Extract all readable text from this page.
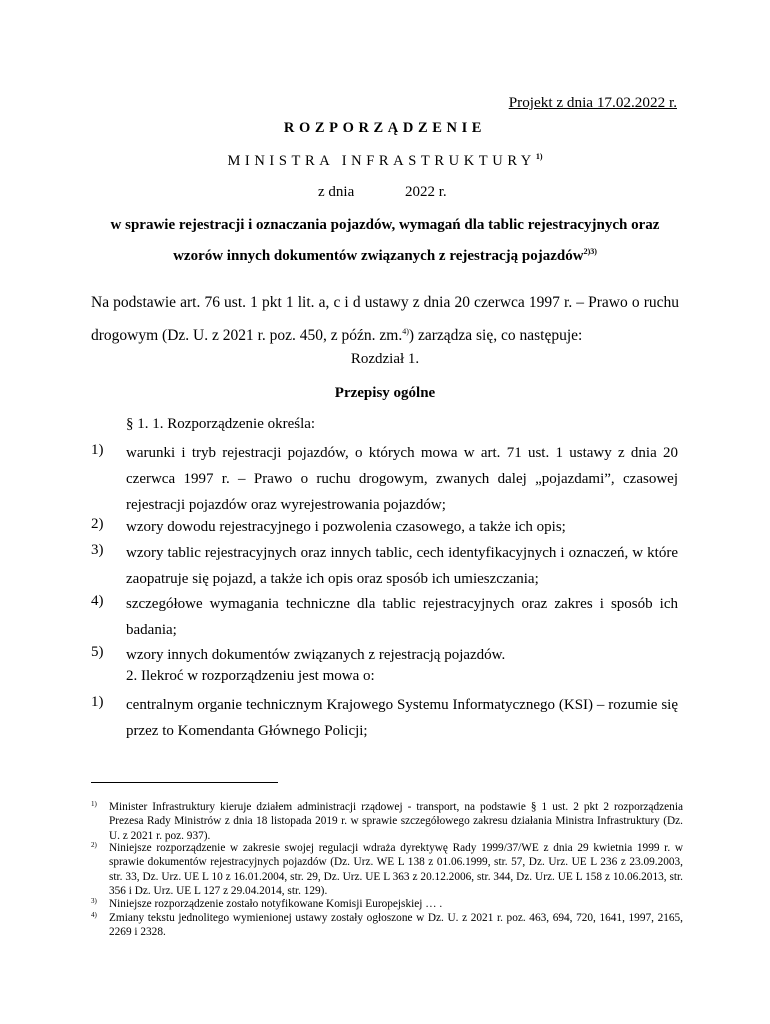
Projekt z dnia 17.02.2022 r.
ROZPORZĄDZENIE
MINISTRA INFRASTRUKTURY$^{1)}$
z dnia	2022 r.
w sprawie rejestracji i oznaczania pojazdów, wymagań dla tablic rejestracyjnych oraz
wzorów innych dokumentów związanych z rejestracją pojazdów$^{2)3)}$
Na podstawie art. 76 ust. 1 pkt 1 lit. a, c i d ustawy z dnia 20 czerwca 1997 r. – Prawo o ruchu drogowym (Dz. U. z 2021 r. poz. 450, z późn. zm.$^{4)}$) zarządza się, co następuje:
Rozdział 1.
Przepisy ogólne
§ 1. 1. Rozporządzenie określa:
1) warunki i tryb rejestracji pojazdów, o których mowa w art. 71 ust. 1 ustawy z dnia 20 czerwca 1997 r. – Prawo o ruchu drogowym, zwanych dalej „pojazdami”, czasowej rejestracji pojazdów oraz wyrejestrowania pojazdów;
2) wzory dowodu rejestracyjnego i pozwolenia czasowego, a także ich opis;
3) wzory tablic rejestracyjnych oraz innych tablic, cech identyfikacyjnych i oznaczeń, w które zaopatruje się pojazd, a także ich opis oraz sposób ich umieszczania;
4) szczegółowe wymagania techniczne dla tablic rejestracyjnych oraz zakres i sposób ich badania;
5) wzory innych dokumentów związanych z rejestracją pojazdów.
2. Ilekroć w rozporządzeniu jest mowa o:
1) centralnym organie technicznym Krajowego Systemu Informatycznego (KSI) – rozumie się przez to Komendanta Głównego Policji;
1) Minister Infrastruktury kieruje działem administracji rządowej - transport, na podstawie § 1 ust. 2 pkt 2 rozporządzenia Prezesa Rady Ministrów z dnia 18 listopada 2019 r. w sprawie szczegółowego zakresu działania Ministra Infrastruktury (Dz. U. z 2021 r. poz. 937).
2) Niniejsze rozporządzenie w zakresie swojej regulacji wdraża dyrektywę Rady 1999/37/WE z dnia 29 kwietnia 1999 r. w sprawie dokumentów rejestracyjnych pojazdów (Dz. Urz. WE L 138 z 01.06.1999, str. 57, Dz. Urz. UE L 236 z 23.09.2003, str. 33, Dz. Urz. UE L 10 z 16.01.2004, str. 29, Dz. Urz. UE L 363 z 20.12.2006, str. 344, Dz. Urz. UE L 158 z 10.06.2013, str. 356 i Dz. Urz. UE L 127 z 29.04.2014, str. 129).
3) Niniejsze rozporządzenie zostało notyfikowane Komisji Europejskiej … .
4) Zmiany tekstu jednolitego wymienionej ustawy zostały ogłoszone w Dz. U. z 2021 r. poz. 463, 694, 720, 1641, 1997, 2165, 2269 i 2328.
